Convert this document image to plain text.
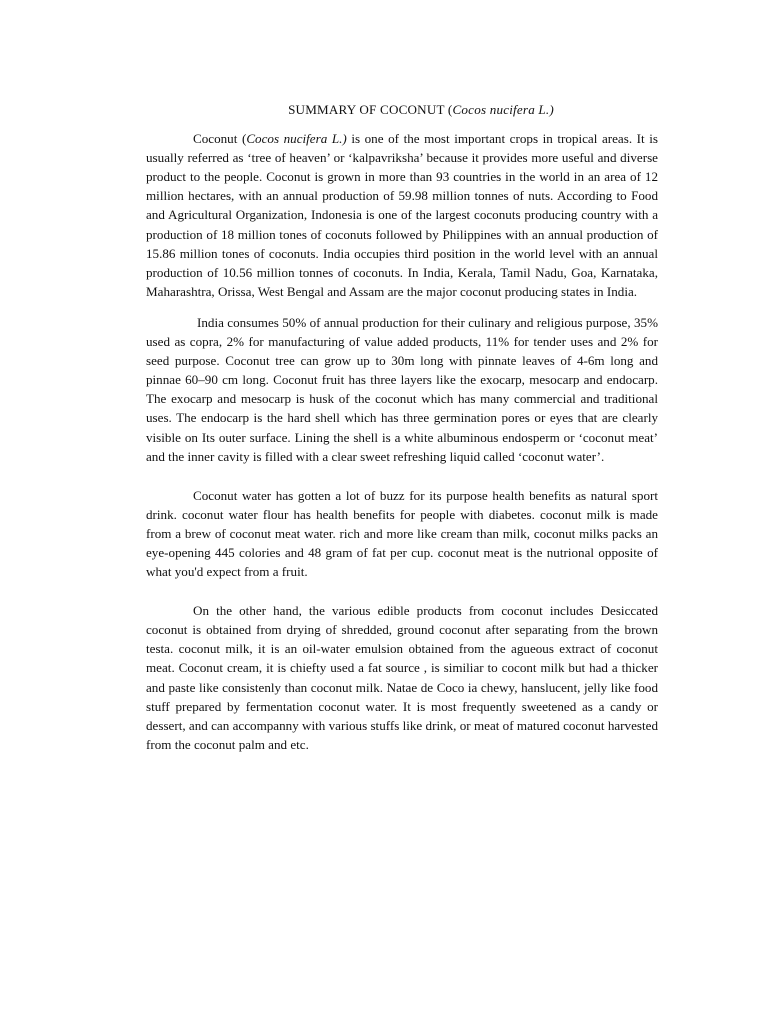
SUMMARY OF COCONUT (Cocos nucifera L.)

Coconut (Cocos nucifera L.) is one of the most important crops in tropical areas. It is usually referred as ‘tree of heaven’ or ‘kalpavriksha’ because it provides more useful and diverse product to the people. Coconut is grown in more than 93 countries in the world in an area of 12 million hectares, with an annual production of 59.98 million tonnes of nuts. According to Food and Agricultural Organization, Indonesia is one of the largest coconuts producing country with a production of 18 million tones of coconuts followed by Philippines with an annual production of 15.86 million tones of coconuts. India occupies third position in the world level with an annual production of 10.56 million tonnes of coconuts. In India, Kerala, Tamil Nadu, Goa, Karnataka, Maharashtra, Orissa, West Bengal and Assam are the major coconut producing states in India.

India consumes 50% of annual production for their culinary and religious purpose, 35% used as copra, 2% for manufacturing of value added products, 11% for tender uses and 2% for seed purpose. Coconut tree can grow up to 30m long with pinnate leaves of 4-6m long and pinnae 60–90 cm long. Coconut fruit has three layers like the exocarp, mesocarp and endocarp. The exocarp and mesocarp is husk of the coconut which has many commercial and traditional uses. The endocarp is the hard shell which has three germination pores or eyes that are clearly visible on Its outer surface. Lining the shell is a white albuminous endosperm or ‘coconut meat’ and the inner cavity is filled with a clear sweet refreshing liquid called ‘coconut water’.

Coconut water has gotten a lot of buzz for its purpose health benefits as natural sport drink. coconut water flour has health benefits for people with diabetes. coconut milk is made from a brew of coconut meat water. rich and more like cream than milk, coconut milks packs an eye-opening 445 colories and 48 gram of fat per cup. coconut meat is the nutrional opposite of what you'd expect from a fruit.

On the other hand, the various edible products from coconut includes Desiccated coconut is obtained from drying of shredded, ground coconut after separating from the brown testa. coconut milk, it is an oil-water emulsion obtained from the agueous extract of coconut meat. Coconut cream, it is chiefty used a fat source , is similiar to cocont milk but had a thicker and paste like consistenly than coconut milk. Natae de Coco ia chewy, hanslucent, jelly like food stuff prepared by fermentation coconut water. It is most frequently sweetened as a candy or dessert, and can accompanny with various stuffs like drink, or meat of matured coconut harvested from the coconut palm and etc.
